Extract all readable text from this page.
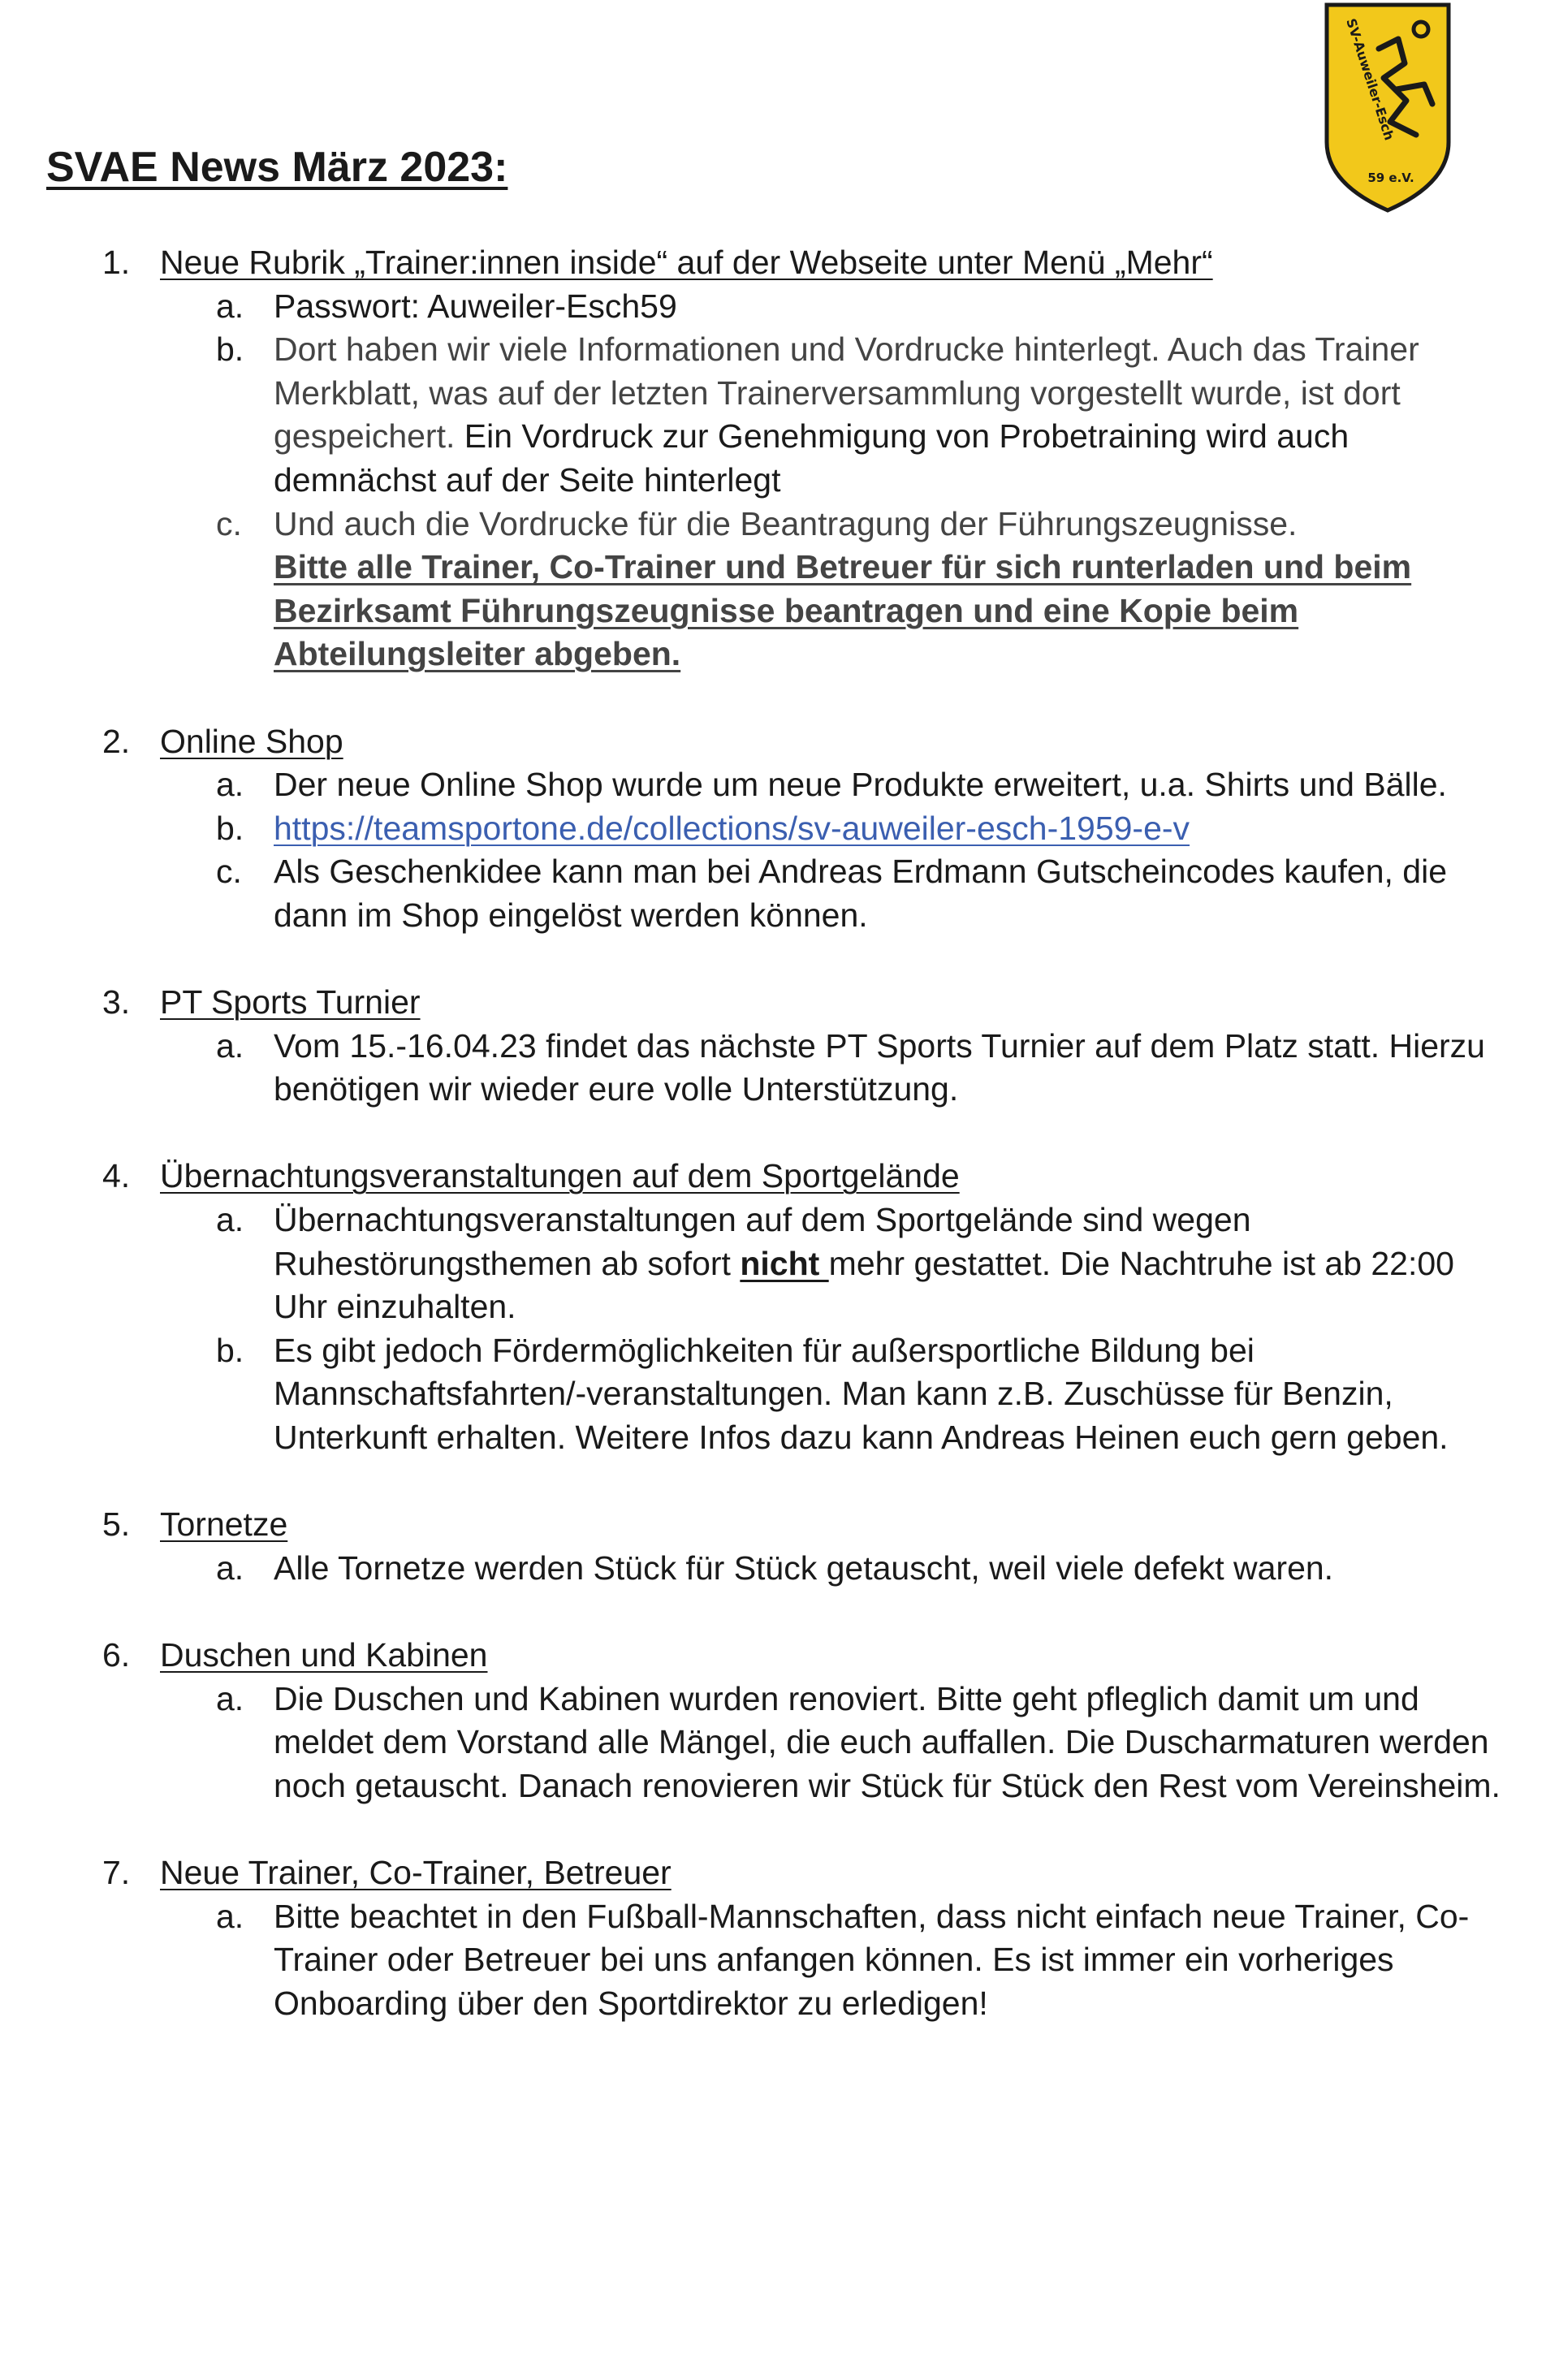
SVAE News März 2023:
SV-Auweiler-Esch
59 e.V.
1. Neue Rubrik „Trainer:innen inside“ auf der Webseite unter Menü „Mehr“
a. Passwort: Auweiler-Esch59
b. Dort haben wir viele Informationen und Vordrucke hinterlegt. Auch das Trainer Merkblatt, was auf der letzten Trainerversammlung vorgestellt wurde, ist dort gespeichert. Ein Vordruck zur Genehmigung von Probetraining wird auch demnächst auf der Seite hinterlegt
c. Und auch die Vordrucke für die Beantragung der Führungszeugnisse.
Bitte alle Trainer, Co-Trainer und Betreuer für sich runterladen und beim Bezirksamt Führungszeugnisse beantragen und eine Kopie beim Abteilungsleiter abgeben.
2. Online Shop
a. Der neue Online Shop wurde um neue Produkte erweitert, u.a. Shirts und Bälle.
b. https://teamsportone.de/collections/sv-auweiler-esch-1959-e-v
c. Als Geschenkidee kann man bei Andreas Erdmann Gutscheincodes kaufen, die dann im Shop eingelöst werden können.
3. PT Sports Turnier
a. Vom 15.-16.04.23 findet das nächste PT Sports Turnier auf dem Platz statt. Hierzu benötigen wir wieder eure volle Unterstützung.
4. Übernachtungsveranstaltungen auf dem Sportgelände
a. Übernachtungsveranstaltungen auf dem Sportgelände sind wegen Ruhestörungsthemen ab sofort nicht mehr gestattet. Die Nachtruhe ist ab 22:00 Uhr einzuhalten.
b. Es gibt jedoch Fördermöglichkeiten für außersportliche Bildung bei Mannschaftsfahrten/-veranstaltungen. Man kann z.B. Zuschüsse für Benzin, Unterkunft erhalten. Weitere Infos dazu kann Andreas Heinen euch gern geben.
5. Tornetze
a. Alle Tornetze werden Stück für Stück getauscht, weil viele defekt waren.
6. Duschen und Kabinen
a. Die Duschen und Kabinen wurden renoviert. Bitte geht pfleglich damit um und meldet dem Vorstand alle Mängel, die euch auffallen. Die Duscharmaturen werden noch getauscht. Danach renovieren wir Stück für Stück den Rest vom Vereinsheim.
7. Neue Trainer, Co-Trainer, Betreuer
a. Bitte beachtet in den Fußball-Mannschaften, dass nicht einfach neue Trainer, Co-Trainer oder Betreuer bei uns anfangen können. Es ist immer ein vorheriges Onboarding über den Sportdirektor zu erledigen!
